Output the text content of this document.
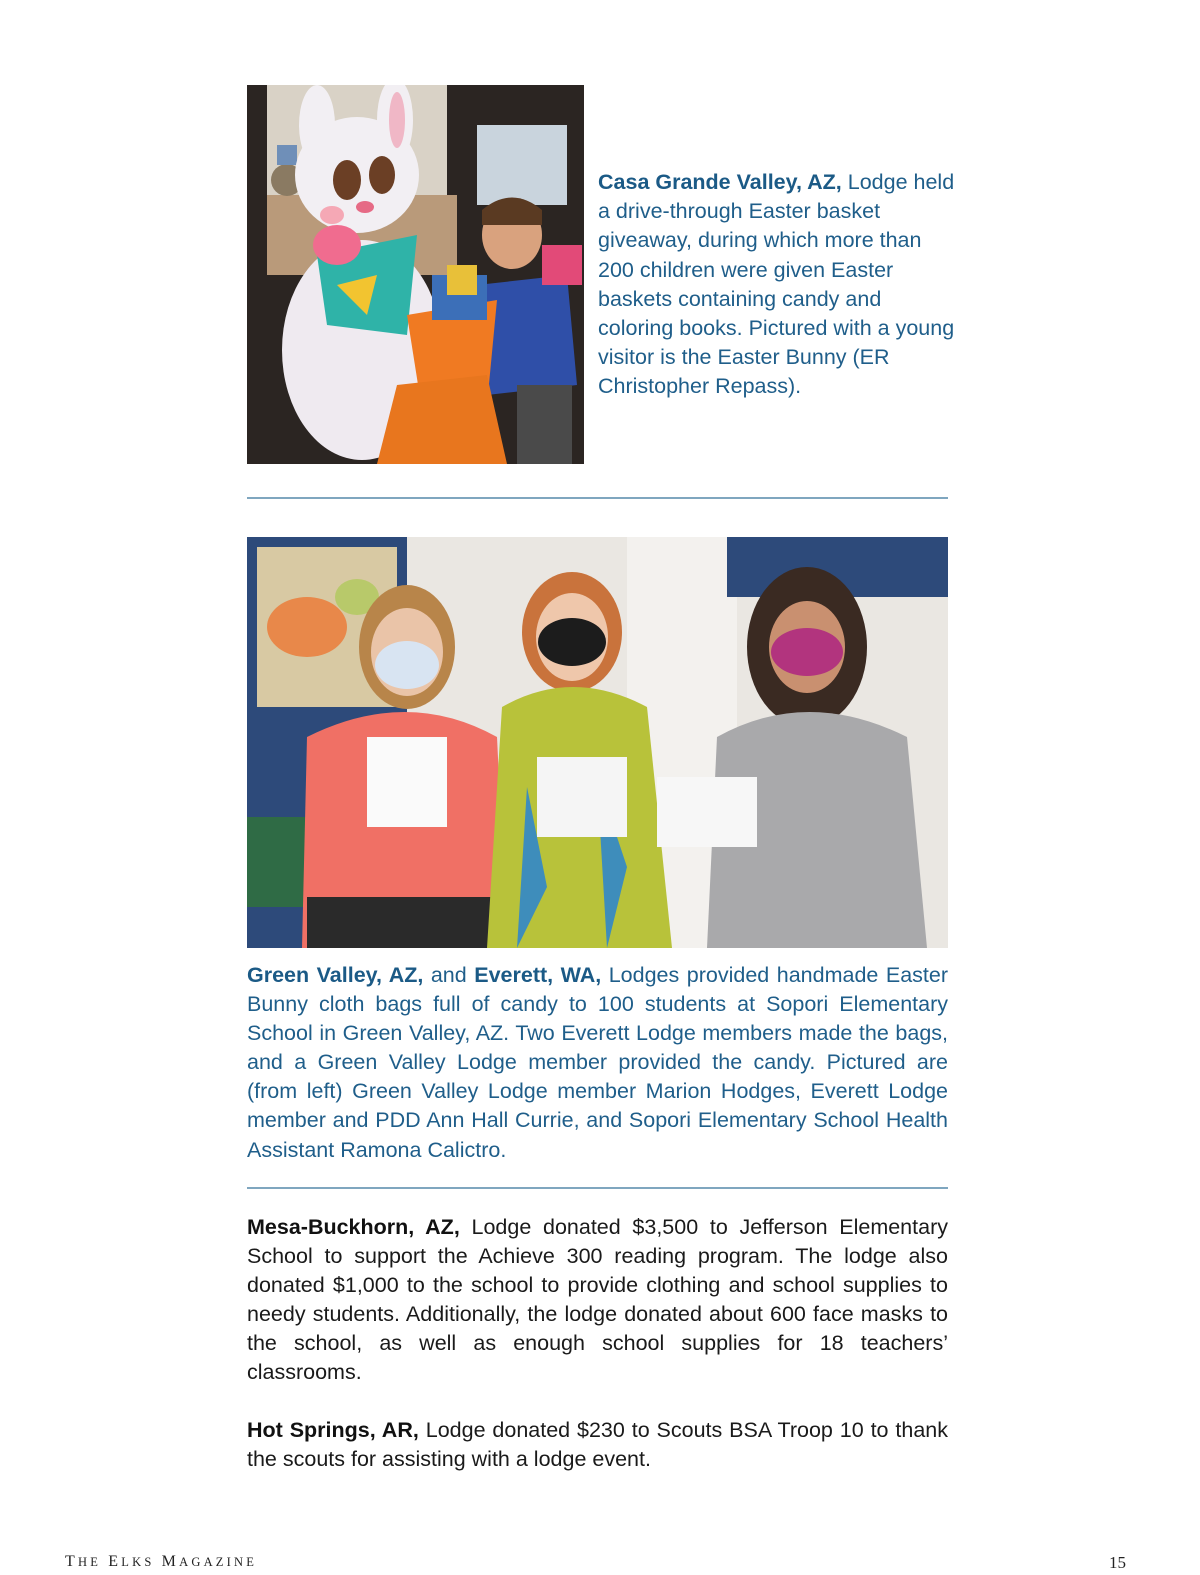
Casa Grande Valley, AZ, Lodge held a drive-through Easter basket giveaway, during which more than 200 children were given Easter baskets containing candy and coloring books. Pictured with a young visitor is the Easter Bunny (ER Christopher Repass).
Green Valley, AZ, and Everett, WA, Lodges provided handmade Easter Bunny cloth bags full of candy to 100 students at Sopori Elementary School in Green Valley, AZ. Two Everett Lodge members made the bags, and a Green Valley Lodge member provided the candy. Pictured are (from left) Green Valley Lodge member Marion Hodges, Everett Lodge member and PDD Ann Hall Currie, and Sopori Elementary School Health Assistant Ramona Calictro.
Mesa-Buckhorn, AZ, Lodge donated $3,500 to Jefferson Elementary School to support the Achieve 300 reading program. The lodge also donated $1,000 to the school to provide clothing and school supplies to needy students. Additionally, the lodge donated about 600 face masks to the school, as well as enough school supplies for 18 teachers’ classrooms.
Hot Springs, AR, Lodge donated $230 to Scouts BSA Troop 10 to thank the scouts for assisting with a lodge event.
THE ELKS MAGAZINE	15
